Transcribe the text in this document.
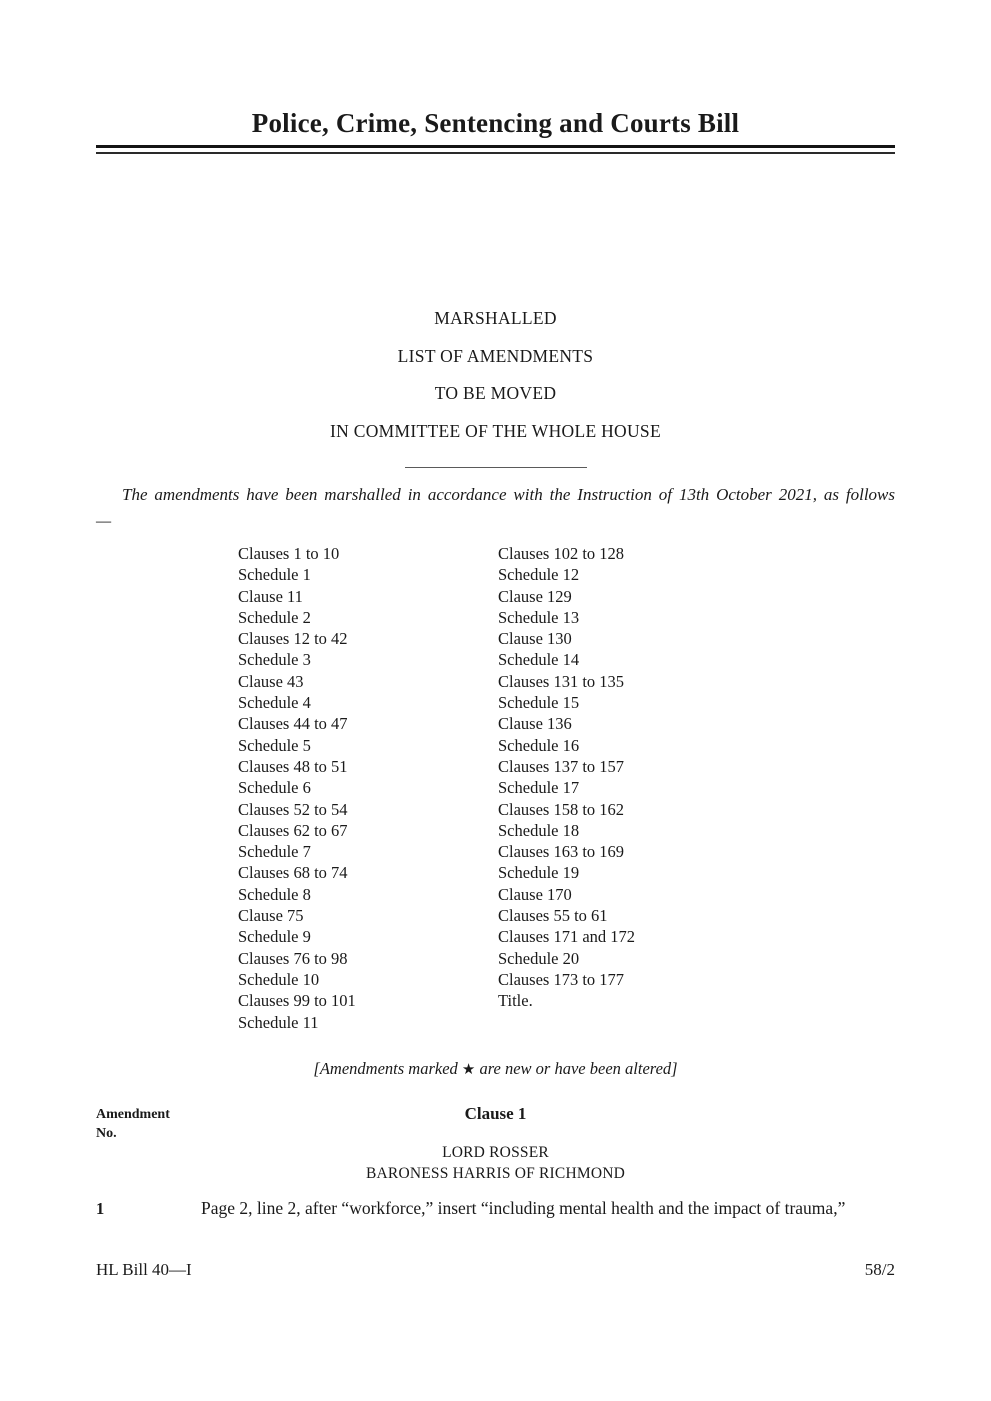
Police, Crime, Sentencing and Courts Bill
MARSHALLED
LIST OF AMENDMENTS
TO BE MOVED
IN COMMITTEE OF THE WHOLE HOUSE

The amendments have been marshalled in accordance with the Instruction of 13th October 2021, as follows—

Clauses 1 to 10
Schedule 1
Clause 11
Schedule 2
Clauses 12 to 42
Schedule 3
Clause 43
Schedule 4
Clauses 44 to 47
Schedule 5
Clauses 48 to 51
Schedule 6
Clauses 52 to 54
Clauses 62 to 67
Schedule 7
Clauses 68 to 74
Schedule 8
Clause 75
Schedule 9
Clauses 76 to 98
Schedule 10
Clauses 99 to 101
Schedule 11
Clauses 102 to 128
Schedule 12
Clause 129
Schedule 13
Clause 130
Schedule 14
Clauses 131 to 135
Schedule 15
Clause 136
Schedule 16
Clauses 137 to 157
Schedule 17
Clauses 158 to 162
Schedule 18
Clauses 163 to 169
Schedule 19
Clause 170
Clauses 55 to 61
Clauses 171 and 172
Schedule 20
Clauses 173 to 177
Title.

[Amendments marked ★ are new or have been altered]

Amendment
No.
Clause 1
LORD ROSSER
BARONESS HARRIS OF RICHMOND
1	Page 2, line 2, after “workforce,” insert “including mental health and the impact of trauma,”

HL Bill 40—I	58/2
